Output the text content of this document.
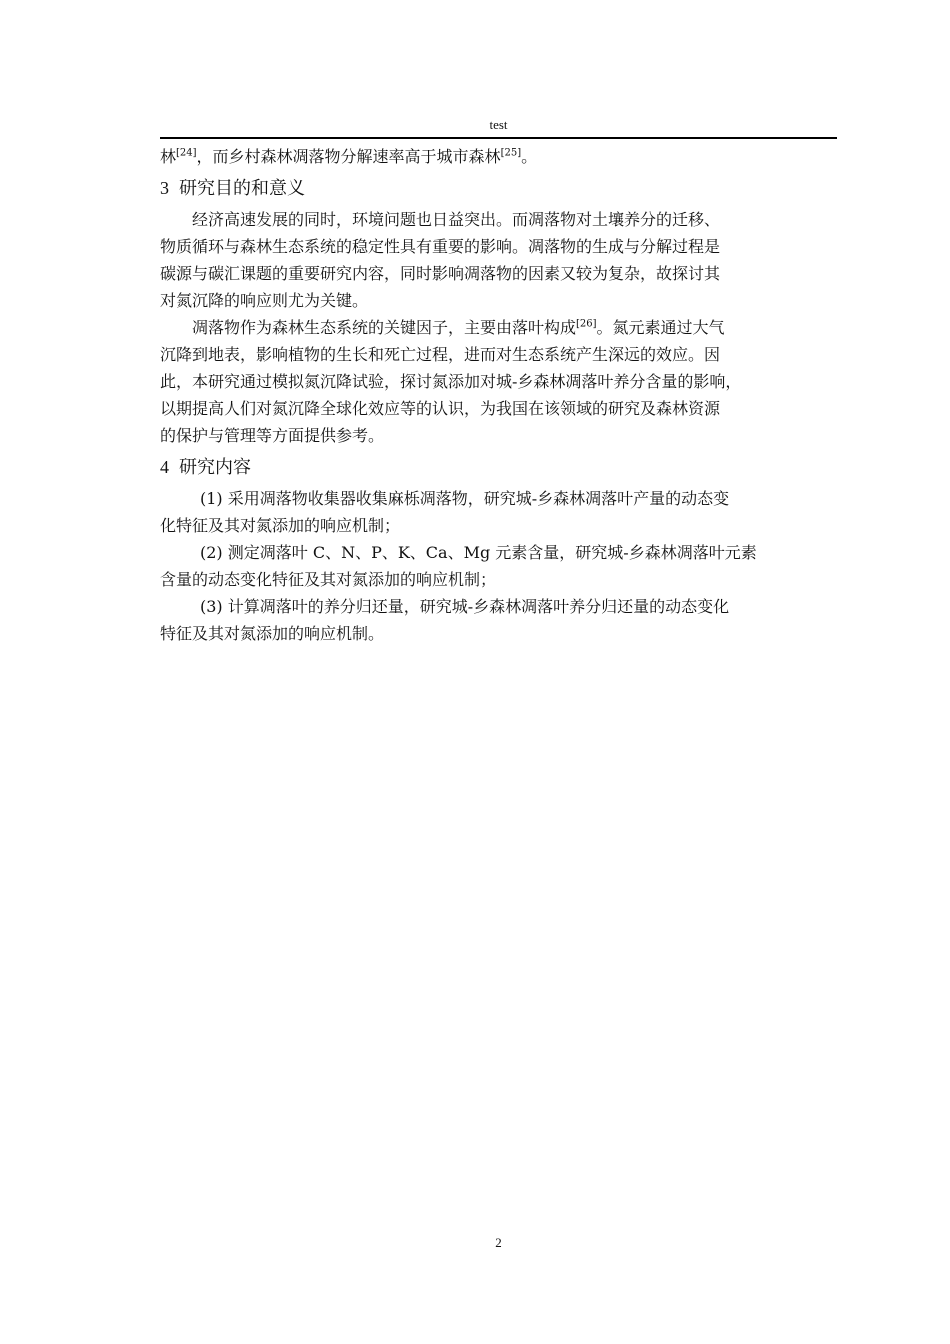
test
林[24]，而乡村森林凋落物分解速率高于城市森林[25]。
3 研究目的和意义
经济高速发展的同时，环境问题也日益突出。而凋落物对土壤养分的迁移、
物质循环与森林生态系统的稳定性具有重要的影响。凋落物的生成与分解过程是
碳源与碳汇课题的重要研究内容，同时影响凋落物的因素又较为复杂，故探讨其
对氮沉降的响应则尤为关键。
凋落物作为森林生态系统的关键因子，主要由落叶构成[26]。氮元素通过大气
沉降到地表，影响植物的生长和死亡过程，进而对生态系统产生深远的效应。因
此，本研究通过模拟氮沉降试验，探讨氮添加对城-乡森林凋落叶养分含量的影响，
以期提高人们对氮沉降全球化效应等的认识，为我国在该领域的研究及森林资源
的保护与管理等方面提供参考。
4 研究内容
(1) 采用凋落物收集器收集麻栎凋落物，研究城-乡森林凋落叶产量的动态变
化特征及其对氮添加的响应机制；
(2) 测定凋落叶 C、N、P、K、Ca、Mg 元素含量，研究城-乡森林凋落叶元素
含量的动态变化特征及其对氮添加的响应机制；
(3) 计算凋落叶的养分归还量，研究城-乡森林凋落叶养分归还量的动态变化
特征及其对氮添加的响应机制。
2
